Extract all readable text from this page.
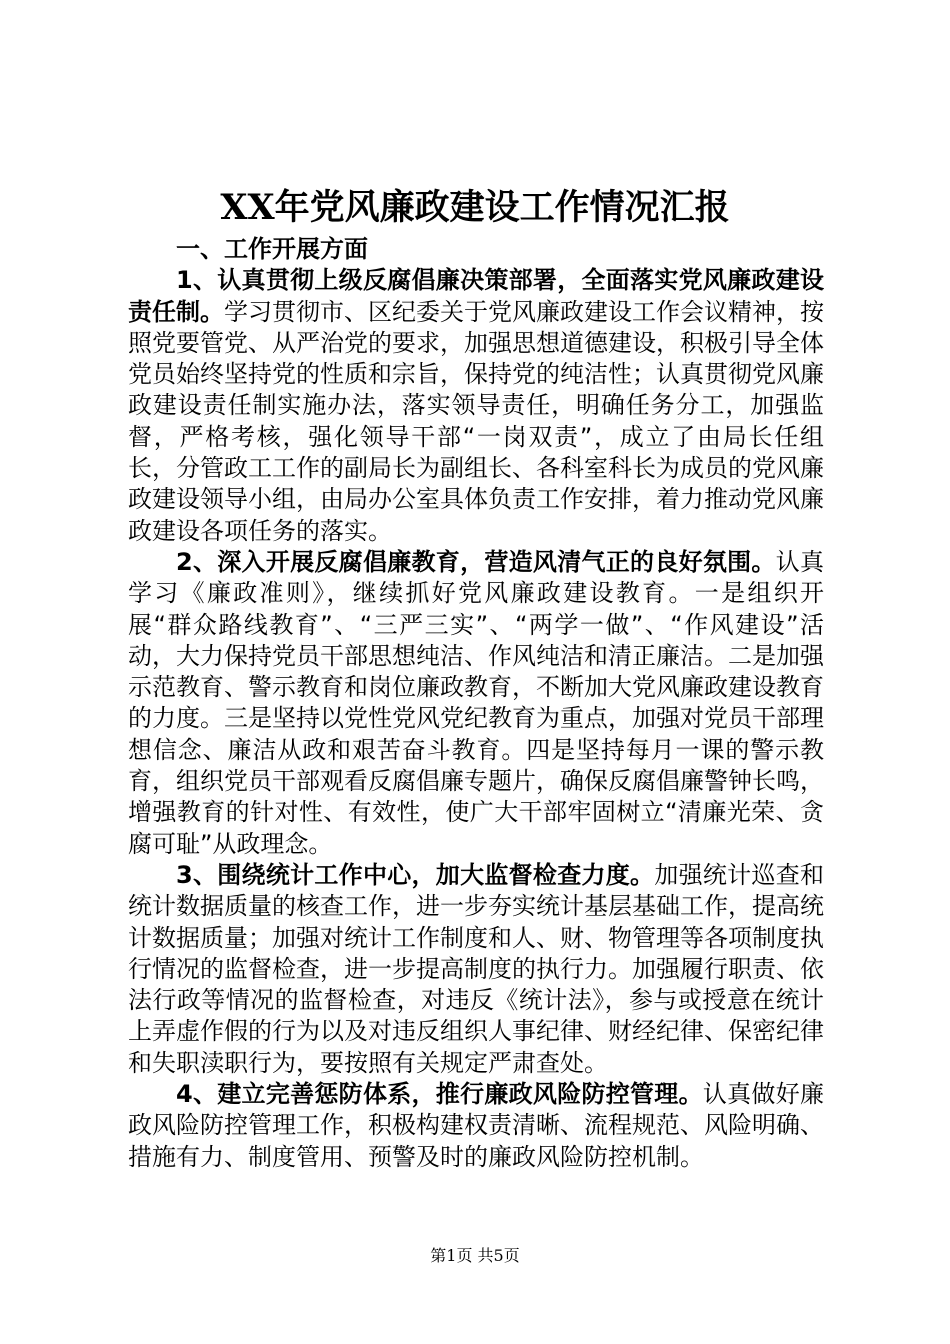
XX年党风廉政建设工作情况汇报

一、工作开展方面

1、认真贯彻上级反腐倡廉决策部署，全面落实党风廉政建设责任制。学习贯彻市、区纪委关于党风廉政建设工作会议精神，按照党要管党、从严治党的要求，加强思想道德建设，积极引导全体党员始终坚持党的性质和宗旨，保持党的纯洁性；认真贯彻党风廉政建设责任制实施办法，落实领导责任，明确任务分工，加强监督，严格考核，强化领导干部“一岗双责”，成立了由局长任组长，分管政工工作的副局长为副组长、各科室科长为成员的党风廉政建设领导小组，由局办公室具体负责工作安排，着力推动党风廉政建设各项任务的落实。

2、深入开展反腐倡廉教育，营造风清气正的良好氛围。认真学习《廉政准则》，继续抓好党风廉政建设教育。一是组织开展“群众路线教育”、“三严三实”、“两学一做”、“作风建设”活动，大力保持党员干部思想纯洁、作风纯洁和清正廉洁。二是加强示范教育、警示教育和岗位廉政教育，不断加大党风廉政建设教育的力度。三是坚持以党性党风党纪教育为重点，加强对党员干部理想信念、廉洁从政和艰苦奋斗教育。四是坚持每月一课的警示教育，组织党员干部观看反腐倡廉专题片，确保反腐倡廉警钟长鸣，增强教育的针对性、有效性，使广大干部牢固树立“清廉光荣、贪腐可耻”从政理念。

3、围绕统计工作中心，加大监督检查力度。加强统计巡查和统计数据质量的核查工作，进一步夯实统计基层基础工作，提高统计数据质量；加强对统计工作制度和人、财、物管理等各项制度执行情况的监督检查，进一步提高制度的执行力。加强履行职责、依法行政等情况的监督检查，对违反《统计法》，参与或授意在统计上弄虚作假的行为以及对违反组织人事纪律、财经纪律、保密纪律和失职渎职行为，要按照有关规定严肃查处。

4、建立完善惩防体系，推行廉政风险防控管理。认真做好廉政风险防控管理工作，积极构建权责清晰、流程规范、风险明确、措施有力、制度管用、预警及时的廉政风险防控机制。

第1页 共5页
